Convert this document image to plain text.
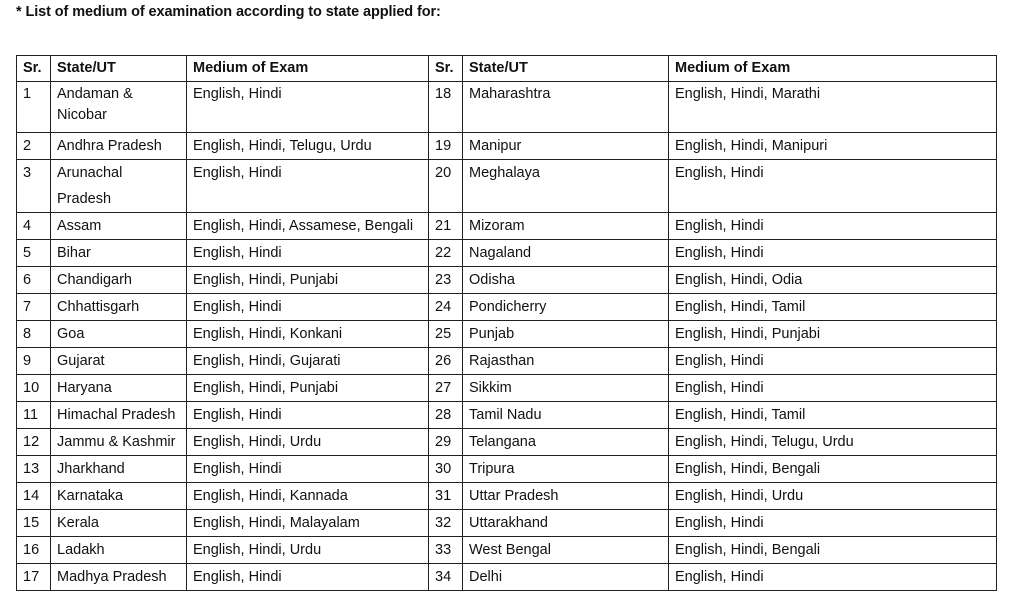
* List of medium of examination according to state applied for:
Sr.	State/UT	Medium of Exam	Sr.	State/UT	Medium of Exam
1	Andaman & Nicobar	English, Hindi	18	Maharashtra	English, Hindi, Marathi
2	Andhra Pradesh	English, Hindi, Telugu, Urdu	19	Manipur	English, Hindi, Manipuri
3	Arunachal Pradesh	English, Hindi	20	Meghalaya	English, Hindi
4	Assam	English, Hindi, Assamese, Bengali	21	Mizoram	English, Hindi
5	Bihar	English, Hindi	22	Nagaland	English, Hindi
6	Chandigarh	English, Hindi, Punjabi	23	Odisha	English, Hindi, Odia
7	Chhattisgarh	English, Hindi	24	Pondicherry	English, Hindi, Tamil
8	Goa	English, Hindi, Konkani	25	Punjab	English, Hindi, Punjabi
9	Gujarat	English, Hindi, Gujarati	26	Rajasthan	English, Hindi
10	Haryana	English, Hindi, Punjabi	27	Sikkim	English, Hindi
11	Himachal Pradesh	English, Hindi	28	Tamil Nadu	English, Hindi, Tamil
12	Jammu & Kashmir	English, Hindi, Urdu	29	Telangana	English, Hindi, Telugu, Urdu
13	Jharkhand	English, Hindi	30	Tripura	English, Hindi, Bengali
14	Karnataka	English, Hindi, Kannada	31	Uttar Pradesh	English, Hindi, Urdu
15	Kerala	English, Hindi, Malayalam	32	Uttarakhand	English, Hindi
16	Ladakh	English, Hindi, Urdu	33	West Bengal	English, Hindi, Bengali
17	Madhya Pradesh	English, Hindi	34	Delhi	English, Hindi
